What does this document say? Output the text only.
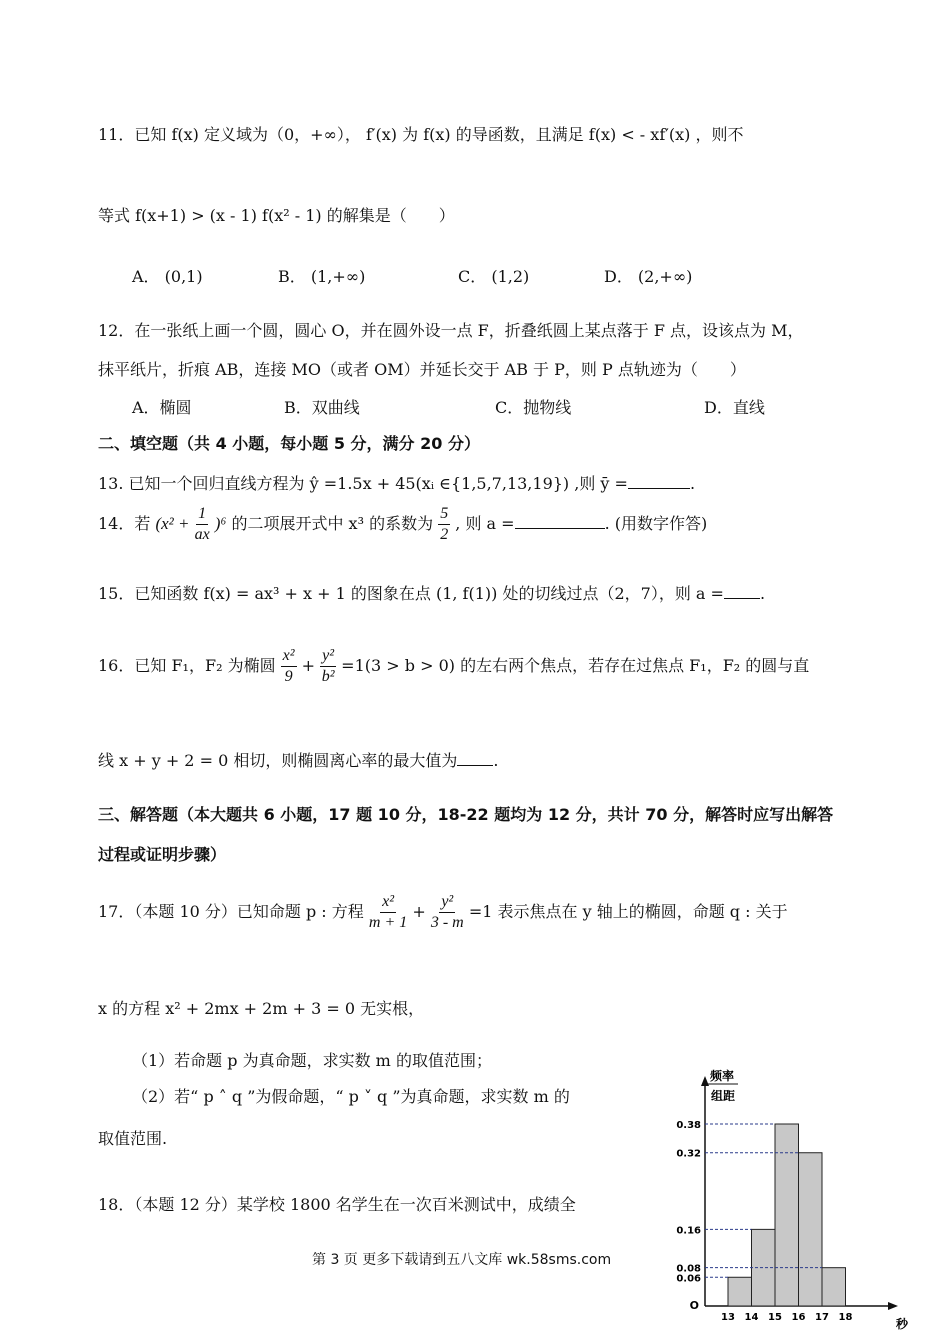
11．已知 f(x) 定义域为（0，+∞）， f′(x) 为 f(x) 的导函数，且满足 f(x) < - xf′(x) ，则不
等式 f(x+1) > (x - 1) f(x² - 1) 的解集是（　　）
A． (0,1)	B． (1,+∞)	C． (1,2)	D． (2,+∞)
12．在一张纸上画一个圆，圆心 O，并在圆外设一点 F，折叠纸圆上某点落于 F 点，设该点为 M，
抹平纸片，折痕 AB，连接 MO（或者 OM）并延长交于 AB 于 P，则 P 点轨迹为（　　）
A．椭圆	B．双曲线	C．抛物线	D．直线
二、填空题（共 4 小题，每小题 5 分，满分 20 分）
13. 已知一个回归直线方程为 ŷ =1.5x + 45(xᵢ ∈{1,5,7,13,19}) ,则 ȳ =	.
14．若 $(x^2 + \frac{1}{ax} )^6$ 的二项展开式中 x³ 的系数为 $\frac{5}{2}$ , 则 a =	. (用数字作答)
15．已知函数 f(x) = ax³ + x + 1 的图象在点 (1, f(1)) 处的切线过点（2，7），则 a = .
16．已知 F₁，F₂ 为椭圆 $\frac{\text{x²}}{9} + \frac{\text{y²}}{\text{b²}} =1(3 > b > 0)$ 的左右两个焦点，若存在过焦点 F₁，F₂ 的圆与直
线 x + y + 2 = 0 相切，则椭圆离心率的最大值为 .
三、解答题（本大题共 6 小题，17 题 10 分，18-22 题均为 12 分，共计 70 分，解答时应写出解答
过程或证明步骤）
17．（本题 10 分）已知命题 p : 方程 $\frac{\text{x²}}{m + 1} + \frac{\text{y²}}{3 - m} =1$ 表示焦点在 y 轴上的椭圆，命题 q : 关于
x 的方程 x² + 2mx + 2m + 3 = 0 无实根，
（1）若命题 p 为真命题，求实数 m 的取值范围；
（2）若“ p ˄ q ”为假命题，“ p ˅ q ”为真命题，求实数 m 的
取值范围.
18．（本题 12 分）某学校 1800 名学生在一次百米测试中，成绩全
第 3 页 更多下载请到五八文库 wk.58sms.com
频率
组距
0.38
0.32
0.16
0.08
0.06
O
13 14 15 16 17 18	秒
